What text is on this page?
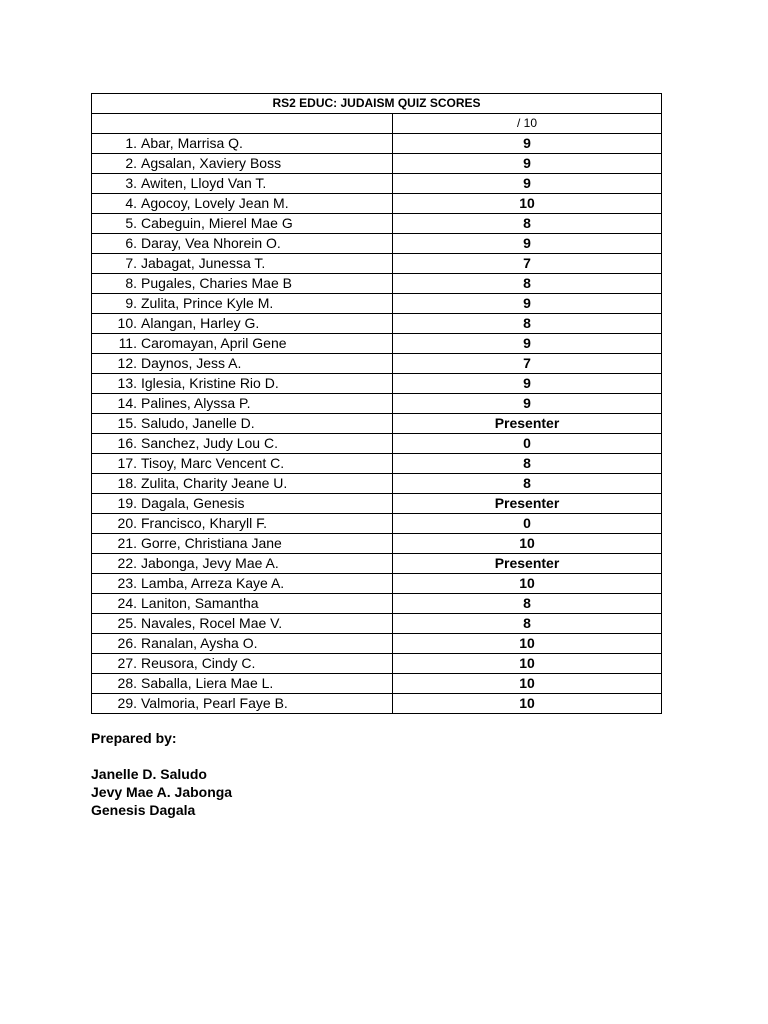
RS2 EDUC: JUDAISM QUIZ SCORES	
	/ 10
1. Abar, Marrisa Q.	9
2. Agsalan, Xaviery Boss	9
3. Awiten, Lloyd Van T.	9
4. Agocoy, Lovely Jean M.	10
5. Cabeguin, Mierel Mae G	8
6. Daray, Vea Nhorein O.	9
7. Jabagat, Junessa T.	7
8. Pugales, Charies Mae B	8
9. Zulita, Prince Kyle M.	9
10. Alangan, Harley G.	8
11. Caromayan, April Gene	9
12. Daynos, Jess A.	7
13. Iglesia, Kristine Rio D.	9
14. Palines, Alyssa P.	9
15. Saludo, Janelle D.	Presenter
16. Sanchez, Judy Lou C.	0
17. Tisoy, Marc Vencent C.	8
18. Zulita, Charity Jeane U.	8
19. Dagala, Genesis	Presenter
20. Francisco, Kharyll F.	0
21. Gorre, Christiana Jane	10
22. Jabonga, Jevy Mae A.	Presenter
23. Lamba, Arreza Kaye A.	10
24. Laniton, Samantha	8
25. Navales, Rocel Mae V.	8
26. Ranalan, Aysha O.	10
27. Reusora, Cindy C.	10
28. Saballa, Liera Mae L.	10
29. Valmoria, Pearl Faye B.	10
Prepared by:
Janelle D. Saludo
Jevy Mae A. Jabonga
Genesis Dagala
